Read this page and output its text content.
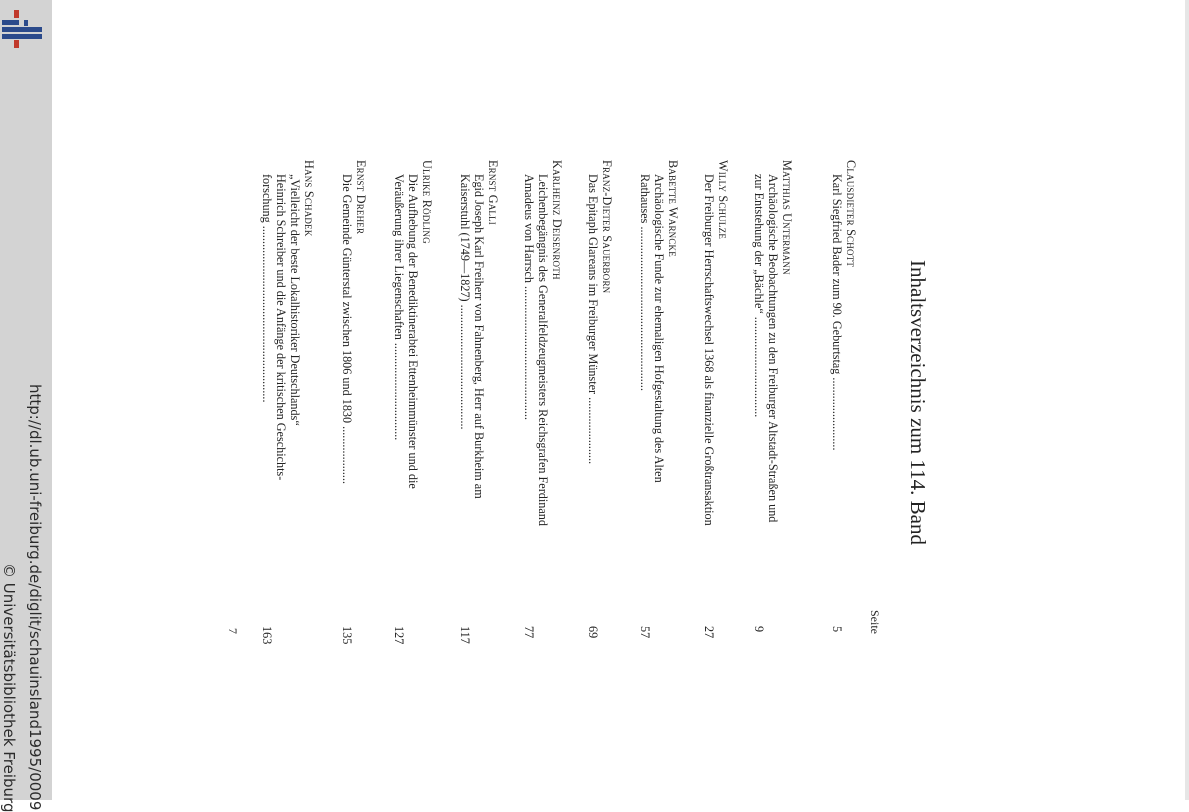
http://dl.ub.uni-freiburg.de/diglit/schauinsland1995/0009
© Universitätsbibliothek Freiburg
Inhaltsverzeichnis zum 114. Band
Seite
Clausdieter Schott
Karl Siegfried Bader zum 90. Geburtstag ........................
5
Matthias Untermann
Archäologische Beobachtungen zu den Freiburger Altstadt-Straßen und
zur Entstehung der „Bächle“ .................................
9
Willy Schulze
Der Freiburger Herrschaftswechsel 1368 als finanzielle Großtransaktion
27
Babette Warncke
Archäologische Funde zur ehemaligen Hofgestaltung des Alten
Rathauses ......................................................
57
Franz-Dieter Sauerborn
Das Epitaph Glareans im Freiburger Münster ......................
69
Karlheinz Deisenroth
Leichenbegängnis des Generalfeldzeugmeisters Reichsgrafen Ferdinand
Amadeus von Harrsch ............................................
77
Ernst Galli
Egid Joseph Karl Freiherr von Fahnenberg, Herr auf Burkheim am
Kaiserstuhl (1749—1827) .........................................
117
Ulrike Rödling
Die Aufhebung der Benediktinerabtei Ettenheimmünster und die
Veräußerung ihrer Liegenschaften ................................
127
Ernst Dreher
Die Gemeinde Günterstal zwischen 1806 und 1830 ...................
135
Hans Schadek
„Vielleicht der beste Lokalhistoriker Deutschlands“
Heinrich Schreiber und die Anfänge der kritischen Geschichts-
forschung ..........................................................
163
7
